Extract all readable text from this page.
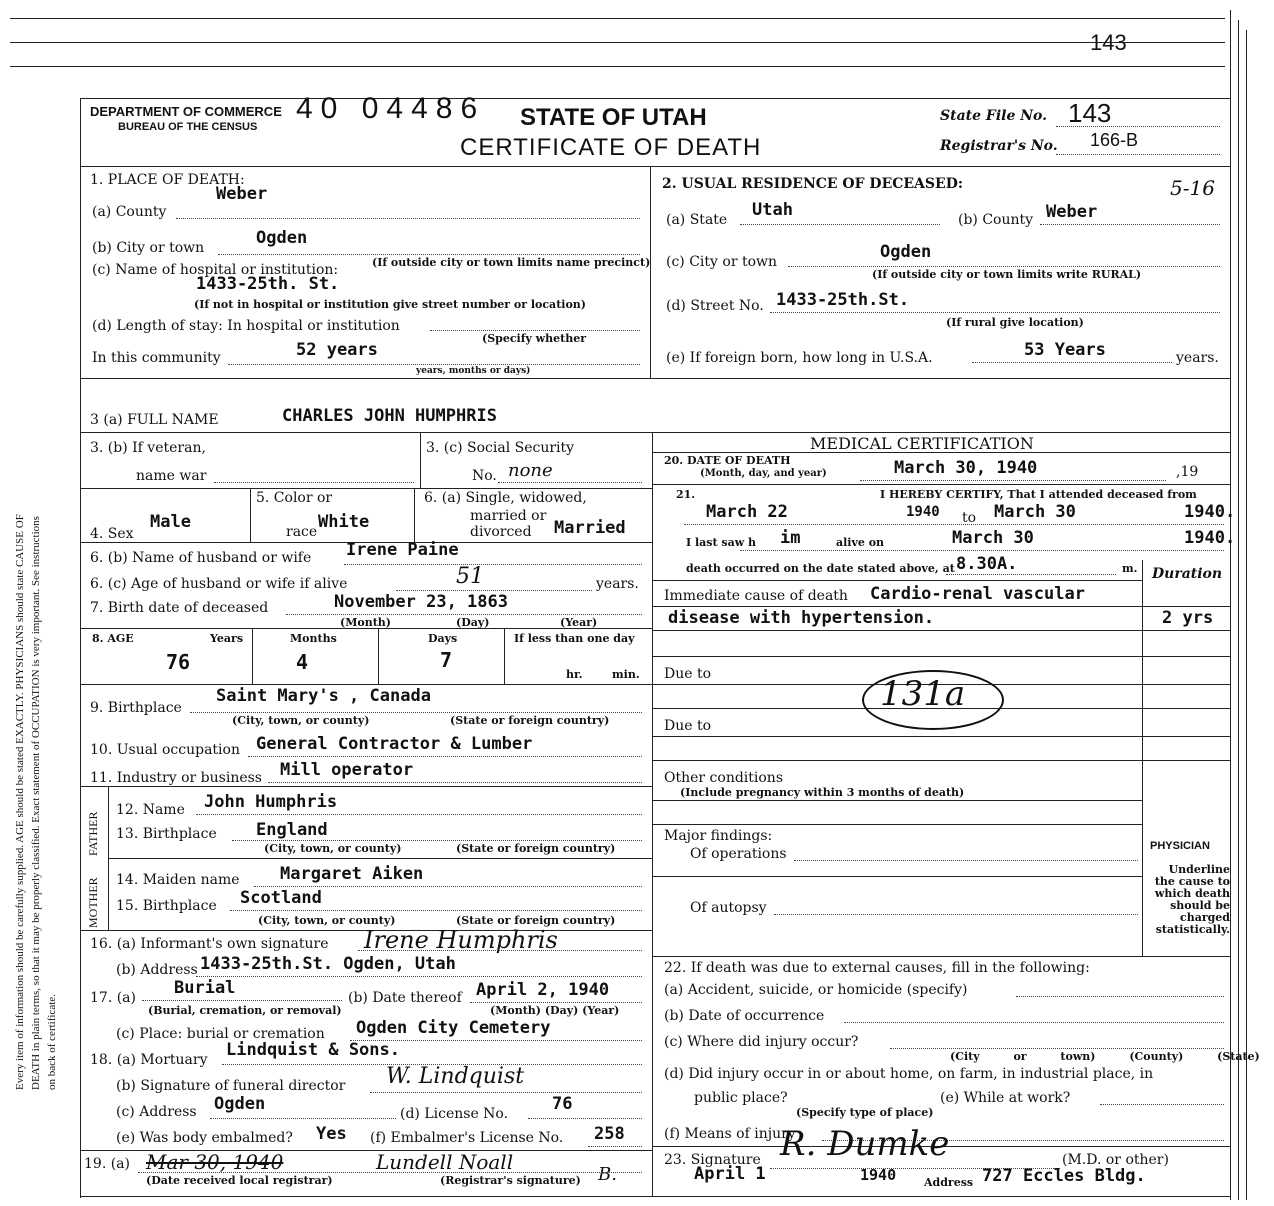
Every item of information should be carefully supplied. AGE should be stated EXACTLY. PHYSICIANS should state CAUSE OF DEATH in plain terms, so that it may be properly classified. Exact statement of OCCUPATION is very important. See instructions on back of certificate.
DEPARTMENT OF COMMERCE
BUREAU OF THE CENSUS
40 04486
143
STATE OF UTAH
CERTIFICATE OF DEATH
State File No. 143
Registrar's No. 166-B
5-16
1. PLACE OF DEATH:
(a) County
Weber
(b) City or town	Ogden
(c) Name of hospital or institution:	(If outside city or town limits name precinct)
1433-25th. St.
(If not in hospital or institution give street number or location)
(d) Length of stay: In hospital or institution
(Specify whether
In this community	52 years
years, months or days)
2. USUAL RESIDENCE OF DECEASED:
(a) State Utah	(b) County Weber
(c) City or town	Ogden
(If outside city or town limits write RURAL)
(d) Street No. 1433-25th.St.
(If rural give location)
(e) If foreign born, how long in U.S.A.	53 Years	years.
3 (a) FULL NAME	CHARLES JOHN HUMPHRIS
3. (b) If veteran,
name war
3. (c) Social Security
No. none
4. Sex
Male
5. Color or
race White
6. (a) Single, widowed,
married or
divorced Married
6. (b) Name of husband or wife Irene Paine
6. (c) Age of husband or wife if alive	51	years.
7. Birth date of deceased	November 23, 1863
(Month)	(Day)	(Year)
8. AGE	Years
76
Months
4
Days
7
If less than one day
hr.	min.
9. Birthplace
Saint Mary's , Canada
(City, town, or county)	(State or foreign country)
10. Usual occupation General Contractor & Lumber
11. Industry or business Mill operator
FATHER
MOTHER
12. Name John Humphris
13. Birthplace England
(City, town, or county)	(State or foreign country)
14. Maiden name Margaret Aiken
15. Birthplace Scotland
(City, town, or county)	(State or foreign country)
16. (a) Informant's own signature Irene Humphris
(b) Address 1433-25th.St. Ogden, Utah
17. (a) Burial
(Burial, cremation, or removal)
(b) Date thereof April 2, 1940
(Month) (Day) (Year)
(c) Place: burial or cremation Ogden City Cemetery
18. (a) Mortuary Lindquist & Sons.
(b) Signature of funeral director W. Lindquist
(c) Address Ogden	(d) License No.	76
(e) Was body embalmed? Yes (f) Embalmer's License No. 258
19. (a) Mar 30, 1940	Lundell Noall
B.
(Date received local registrar)	(Registrar's signature)
MEDICAL CERTIFICATION
20. DATE OF DEATH
(Month, day, and year)	March 30, 1940	,19
21.	I HEREBY CERTIFY, That I attended deceased from
March 22	1940 to March 30	1940.
I last saw h im	alive on	March 30	1940.
death occurred on the date stated above, at 8.30A.	m. Duration
Immediate cause of death Cardio-renal vascular
disease with hypertension.	2 yrs
Due to
Due to
131a
Other conditions
(Include pregnancy within 3 months of death)
Major findings:
Of operations
Of autopsy
PHYSICIAN
Underline the cause to which death should be charged statistically.
22. If death was due to external causes, fill in the following:
(a) Accident, suicide, or homicide (specify)
(b) Date of occurrence
(c) Where did injury occur?
(City or town) (County) (State)
(d) Did injury occur in or about home, on farm, in industrial place, in
public place?
(Specify type of place)
(e) While at work?
(f) Means of injury
23. Signature R. Dumke	(M.D. or other)
April 1	1940	Address 727 Eccles Bldg.
